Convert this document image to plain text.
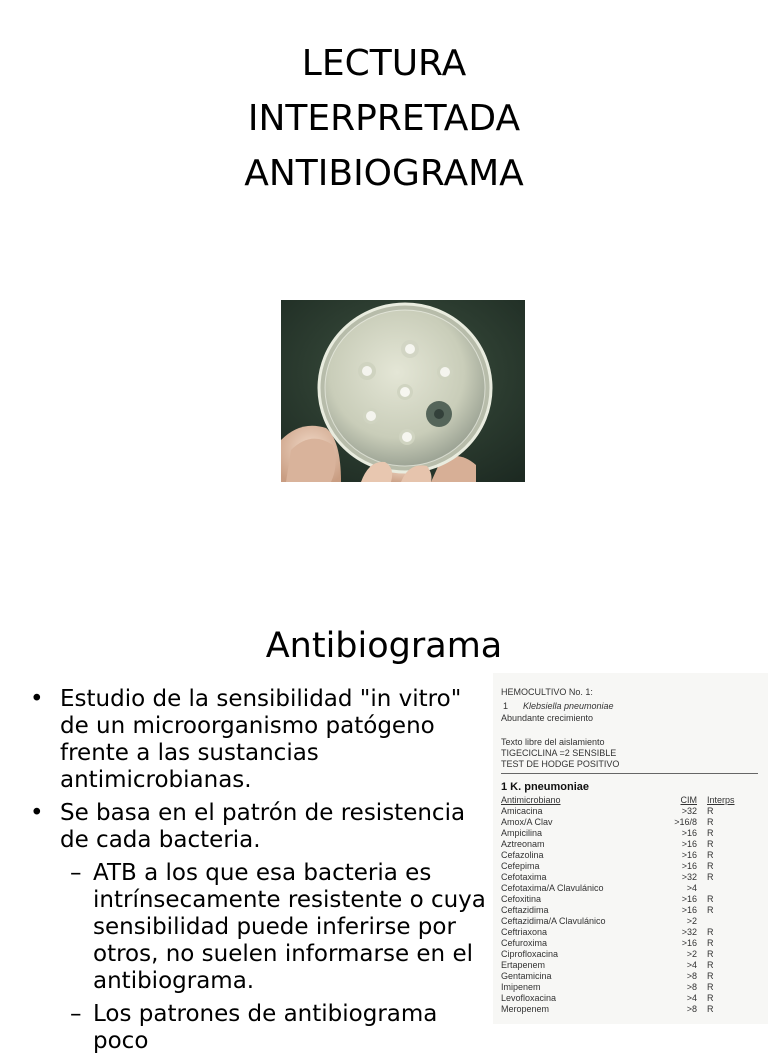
LECTURA
INTERPRETADA
ANTIBIOGRAMA
Antibiograma
• Estudio de la sensibilidad "in vitro" de un microorganismo patógeno frente a las sustancias antimicrobianas.
• Se basa en el patrón de resistencia de cada bacteria.
– ATB a los que esa bacteria es intrínsecamente resistente o cuya sensibilidad puede inferirse por otros, no suelen informarse en el antibiograma.
– Los patrones de antibiograma poco
HEMOCULTIVO No. 1:
1 Klebsiella pneumoniae
Abundante crecimiento
Texto libre del aislamiento
TIGECICLINA =2 SENSIBLE
TEST DE HODGE POSITIVO
1 K. pneumoniae
Antimicrobiano	CIM Interps
Amicacina	>32 R
Amox/A Clav	>16/8 R
Ampicilina	>16 R
Aztreonam	>16 R
Cefazolina	>16 R
Cefepima	>16 R
Cefotaxima	>32 R
Cefotaxima/A Clavulánico	>4
Cefoxitina	>16 R
Ceftazidima	>16 R
Ceftazidima/A Clavulánico	>2
Ceftriaxona	>32 R
Cefuroxima	>16 R
Ciprofloxacina	>2 R
Ertapenem	>4 R
Gentamicina	>8 R
Imipenem	>8 R
Levofloxacina	>4 R
Meropenem	>8 R
